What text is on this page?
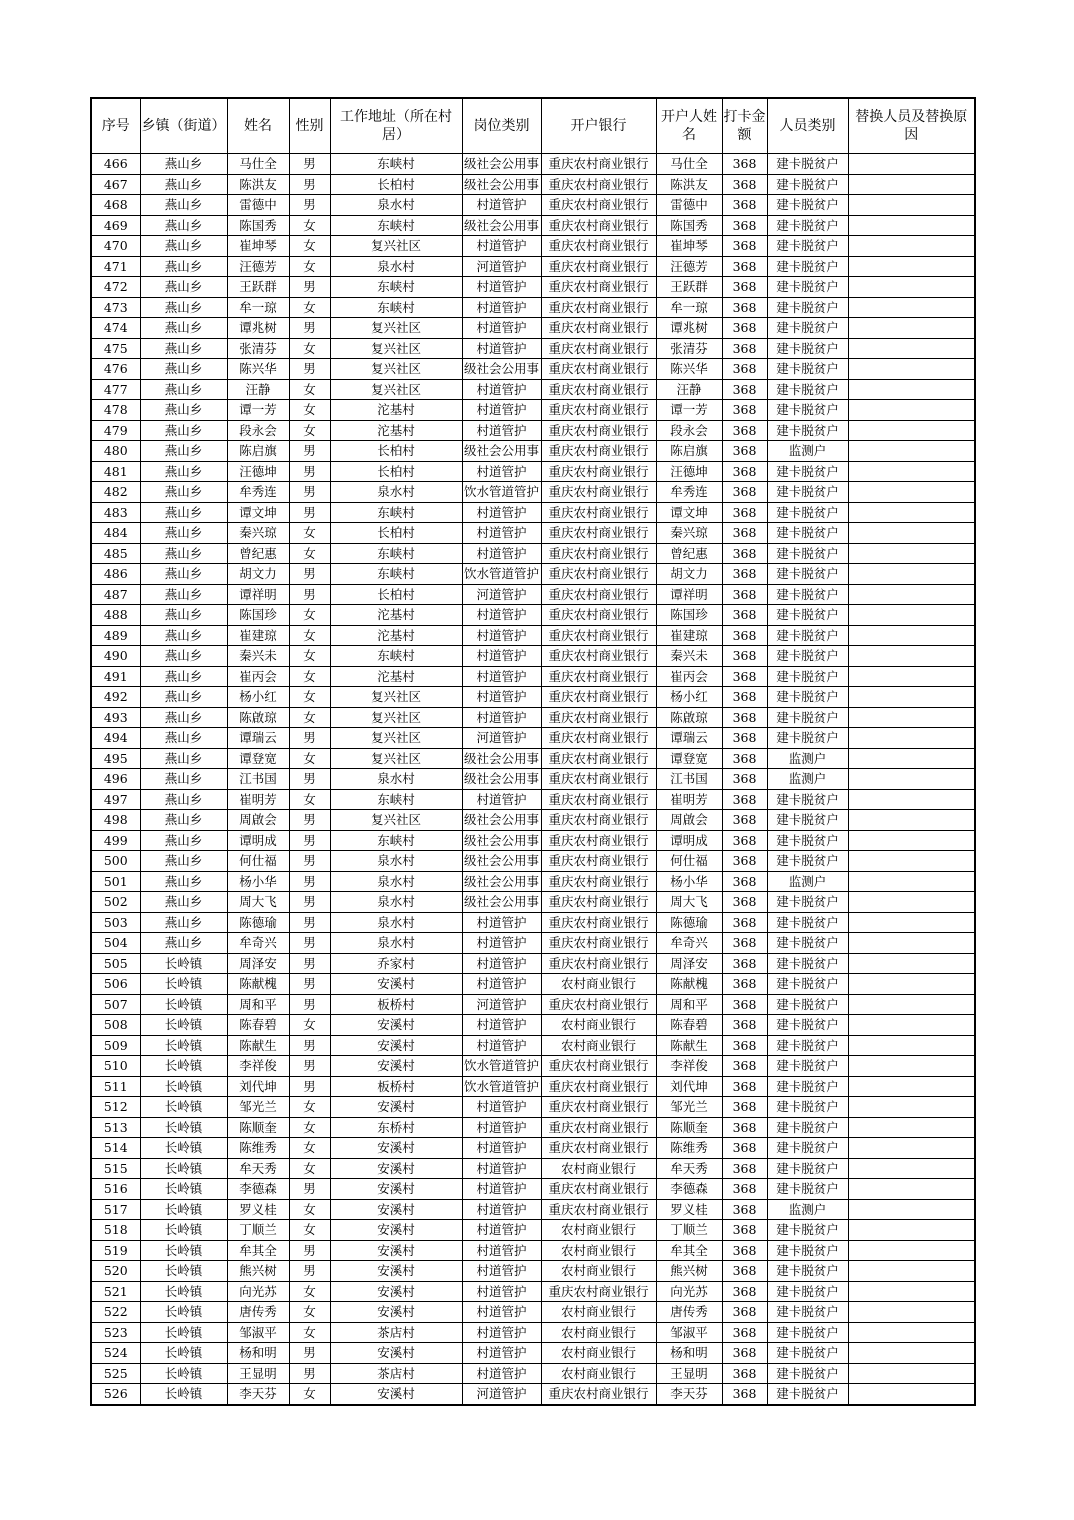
序号	乡镇（街道）	姓名	性别	工作地址（所在村居）	岗位类别	开户银行	开户人姓名	打卡金额	人员类别	替换人员及替换原因
466	燕山乡	马仕全	男	东峡村	级社会公用事	重庆农村商业银行	马仕全	368	建卡脱贫户	
467	燕山乡	陈洪友	男	长柏村	级社会公用事	重庆农村商业银行	陈洪友	368	建卡脱贫户	
468	燕山乡	雷德中	男	泉水村	村道管护	重庆农村商业银行	雷德中	368	建卡脱贫户	
469	燕山乡	陈国秀	女	东峡村	级社会公用事	重庆农村商业银行	陈国秀	368	建卡脱贫户	
470	燕山乡	崔坤琴	女	复兴社区	村道管护	重庆农村商业银行	崔坤琴	368	建卡脱贫户	
471	燕山乡	汪德芳	女	泉水村	河道管护	重庆农村商业银行	汪德芳	368	建卡脱贫户	
472	燕山乡	王跃群	男	东峡村	村道管护	重庆农村商业银行	王跃群	368	建卡脱贫户	
473	燕山乡	牟一琼	女	东峡村	村道管护	重庆农村商业银行	牟一琼	368	建卡脱贫户	
474	燕山乡	谭兆树	男	复兴社区	村道管护	重庆农村商业银行	谭兆树	368	建卡脱贫户	
475	燕山乡	张清芬	女	复兴社区	村道管护	重庆农村商业银行	张清芬	368	建卡脱贫户	
476	燕山乡	陈兴华	男	复兴社区	级社会公用事	重庆农村商业银行	陈兴华	368	建卡脱贫户	
477	燕山乡	汪静	女	复兴社区	村道管护	重庆农村商业银行	汪静	368	建卡脱贫户	
478	燕山乡	谭一芳	女	沱基村	村道管护	重庆农村商业银行	谭一芳	368	建卡脱贫户	
479	燕山乡	段永会	女	沱基村	村道管护	重庆农村商业银行	段永会	368	建卡脱贫户	
480	燕山乡	陈启旗	男	长柏村	级社会公用事	重庆农村商业银行	陈启旗	368	监测户	
481	燕山乡	汪德坤	男	长柏村	村道管护	重庆农村商业银行	汪德坤	368	建卡脱贫户	
482	燕山乡	牟秀连	男	泉水村	饮水管道管护	重庆农村商业银行	牟秀连	368	建卡脱贫户	
483	燕山乡	谭文坤	男	东峡村	村道管护	重庆农村商业银行	谭文坤	368	建卡脱贫户	
484	燕山乡	秦兴琼	女	长柏村	村道管护	重庆农村商业银行	秦兴琼	368	建卡脱贫户	
485	燕山乡	曾纪惠	女	东峡村	村道管护	重庆农村商业银行	曾纪惠	368	建卡脱贫户	
486	燕山乡	胡文力	男	东峡村	饮水管道管护	重庆农村商业银行	胡文力	368	建卡脱贫户	
487	燕山乡	谭祥明	男	长柏村	河道管护	重庆农村商业银行	谭祥明	368	建卡脱贫户	
488	燕山乡	陈国珍	女	沱基村	村道管护	重庆农村商业银行	陈国珍	368	建卡脱贫户	
489	燕山乡	崔建琼	女	沱基村	村道管护	重庆农村商业银行	崔建琼	368	建卡脱贫户	
490	燕山乡	秦兴未	女	东峡村	村道管护	重庆农村商业银行	秦兴未	368	建卡脱贫户	
491	燕山乡	崔丙会	女	沱基村	村道管护	重庆农村商业银行	崔丙会	368	建卡脱贫户	
492	燕山乡	杨小红	女	复兴社区	村道管护	重庆农村商业银行	杨小红	368	建卡脱贫户	
493	燕山乡	陈啟琼	女	复兴社区	村道管护	重庆农村商业银行	陈啟琼	368	建卡脱贫户	
494	燕山乡	谭瑞云	男	复兴社区	河道管护	重庆农村商业银行	谭瑞云	368	建卡脱贫户	
495	燕山乡	谭登宽	女	复兴社区	级社会公用事	重庆农村商业银行	谭登宽	368	监测户	
496	燕山乡	江书国	男	泉水村	级社会公用事	重庆农村商业银行	江书国	368	监测户	
497	燕山乡	崔明芳	女	东峡村	村道管护	重庆农村商业银行	崔明芳	368	建卡脱贫户	
498	燕山乡	周啟会	男	复兴社区	级社会公用事	重庆农村商业银行	周啟会	368	建卡脱贫户	
499	燕山乡	谭明成	男	东峡村	级社会公用事	重庆农村商业银行	谭明成	368	建卡脱贫户	
500	燕山乡	何仕福	男	泉水村	级社会公用事	重庆农村商业银行	何仕福	368	建卡脱贫户	
501	燕山乡	杨小华	男	泉水村	级社会公用事	重庆农村商业银行	杨小华	368	监测户	
502	燕山乡	周大飞	男	泉水村	级社会公用事	重庆农村商业银行	周大飞	368	建卡脱贫户	
503	燕山乡	陈德瑜	男	泉水村	村道管护	重庆农村商业银行	陈德瑜	368	建卡脱贫户	
504	燕山乡	牟奇兴	男	泉水村	村道管护	重庆农村商业银行	牟奇兴	368	建卡脱贫户	
505	长岭镇	周泽安	男	乔家村	村道管护	重庆农村商业银行	周泽安	368	建卡脱贫户	
506	长岭镇	陈献槐	男	安溪村	村道管护	农村商业银行	陈献槐	368	建卡脱贫户	
507	长岭镇	周和平	男	板桥村	河道管护	重庆农村商业银行	周和平	368	建卡脱贫户	
508	长岭镇	陈春碧	女	安溪村	村道管护	农村商业银行	陈春碧	368	建卡脱贫户	
509	长岭镇	陈献生	男	安溪村	村道管护	农村商业银行	陈献生	368	建卡脱贫户	
510	长岭镇	李祥俊	男	安溪村	饮水管道管护	重庆农村商业银行	李祥俊	368	建卡脱贫户	
511	长岭镇	刘代坤	男	板桥村	饮水管道管护	重庆农村商业银行	刘代坤	368	建卡脱贫户	
512	长岭镇	邹光兰	女	安溪村	村道管护	重庆农村商业银行	邹光兰	368	建卡脱贫户	
513	长岭镇	陈顺奎	女	东桥村	村道管护	重庆农村商业银行	陈顺奎	368	建卡脱贫户	
514	长岭镇	陈维秀	女	安溪村	村道管护	重庆农村商业银行	陈维秀	368	建卡脱贫户	
515	长岭镇	牟天秀	女	安溪村	村道管护	农村商业银行	牟天秀	368	建卡脱贫户	
516	长岭镇	李德森	男	安溪村	村道管护	重庆农村商业银行	李德森	368	建卡脱贫户	
517	长岭镇	罗义桂	女	安溪村	村道管护	重庆农村商业银行	罗义桂	368	监测户	
518	长岭镇	丁顺兰	女	安溪村	村道管护	农村商业银行	丁顺兰	368	建卡脱贫户	
519	长岭镇	牟其全	男	安溪村	村道管护	农村商业银行	牟其全	368	建卡脱贫户	
520	长岭镇	熊兴树	男	安溪村	村道管护	农村商业银行	熊兴树	368	建卡脱贫户	
521	长岭镇	向光苏	女	安溪村	村道管护	重庆农村商业银行	向光苏	368	建卡脱贫户	
522	长岭镇	唐传秀	女	安溪村	村道管护	农村商业银行	唐传秀	368	建卡脱贫户	
523	长岭镇	邹淑平	女	茶店村	村道管护	农村商业银行	邹淑平	368	建卡脱贫户	
524	长岭镇	杨和明	男	安溪村	村道管护	农村商业银行	杨和明	368	建卡脱贫户	
525	长岭镇	王显明	男	茶店村	村道管护	农村商业银行	王显明	368	建卡脱贫户	
526	长岭镇	李天芬	女	安溪村	河道管护	重庆农村商业银行	李天芬	368	建卡脱贫户	
